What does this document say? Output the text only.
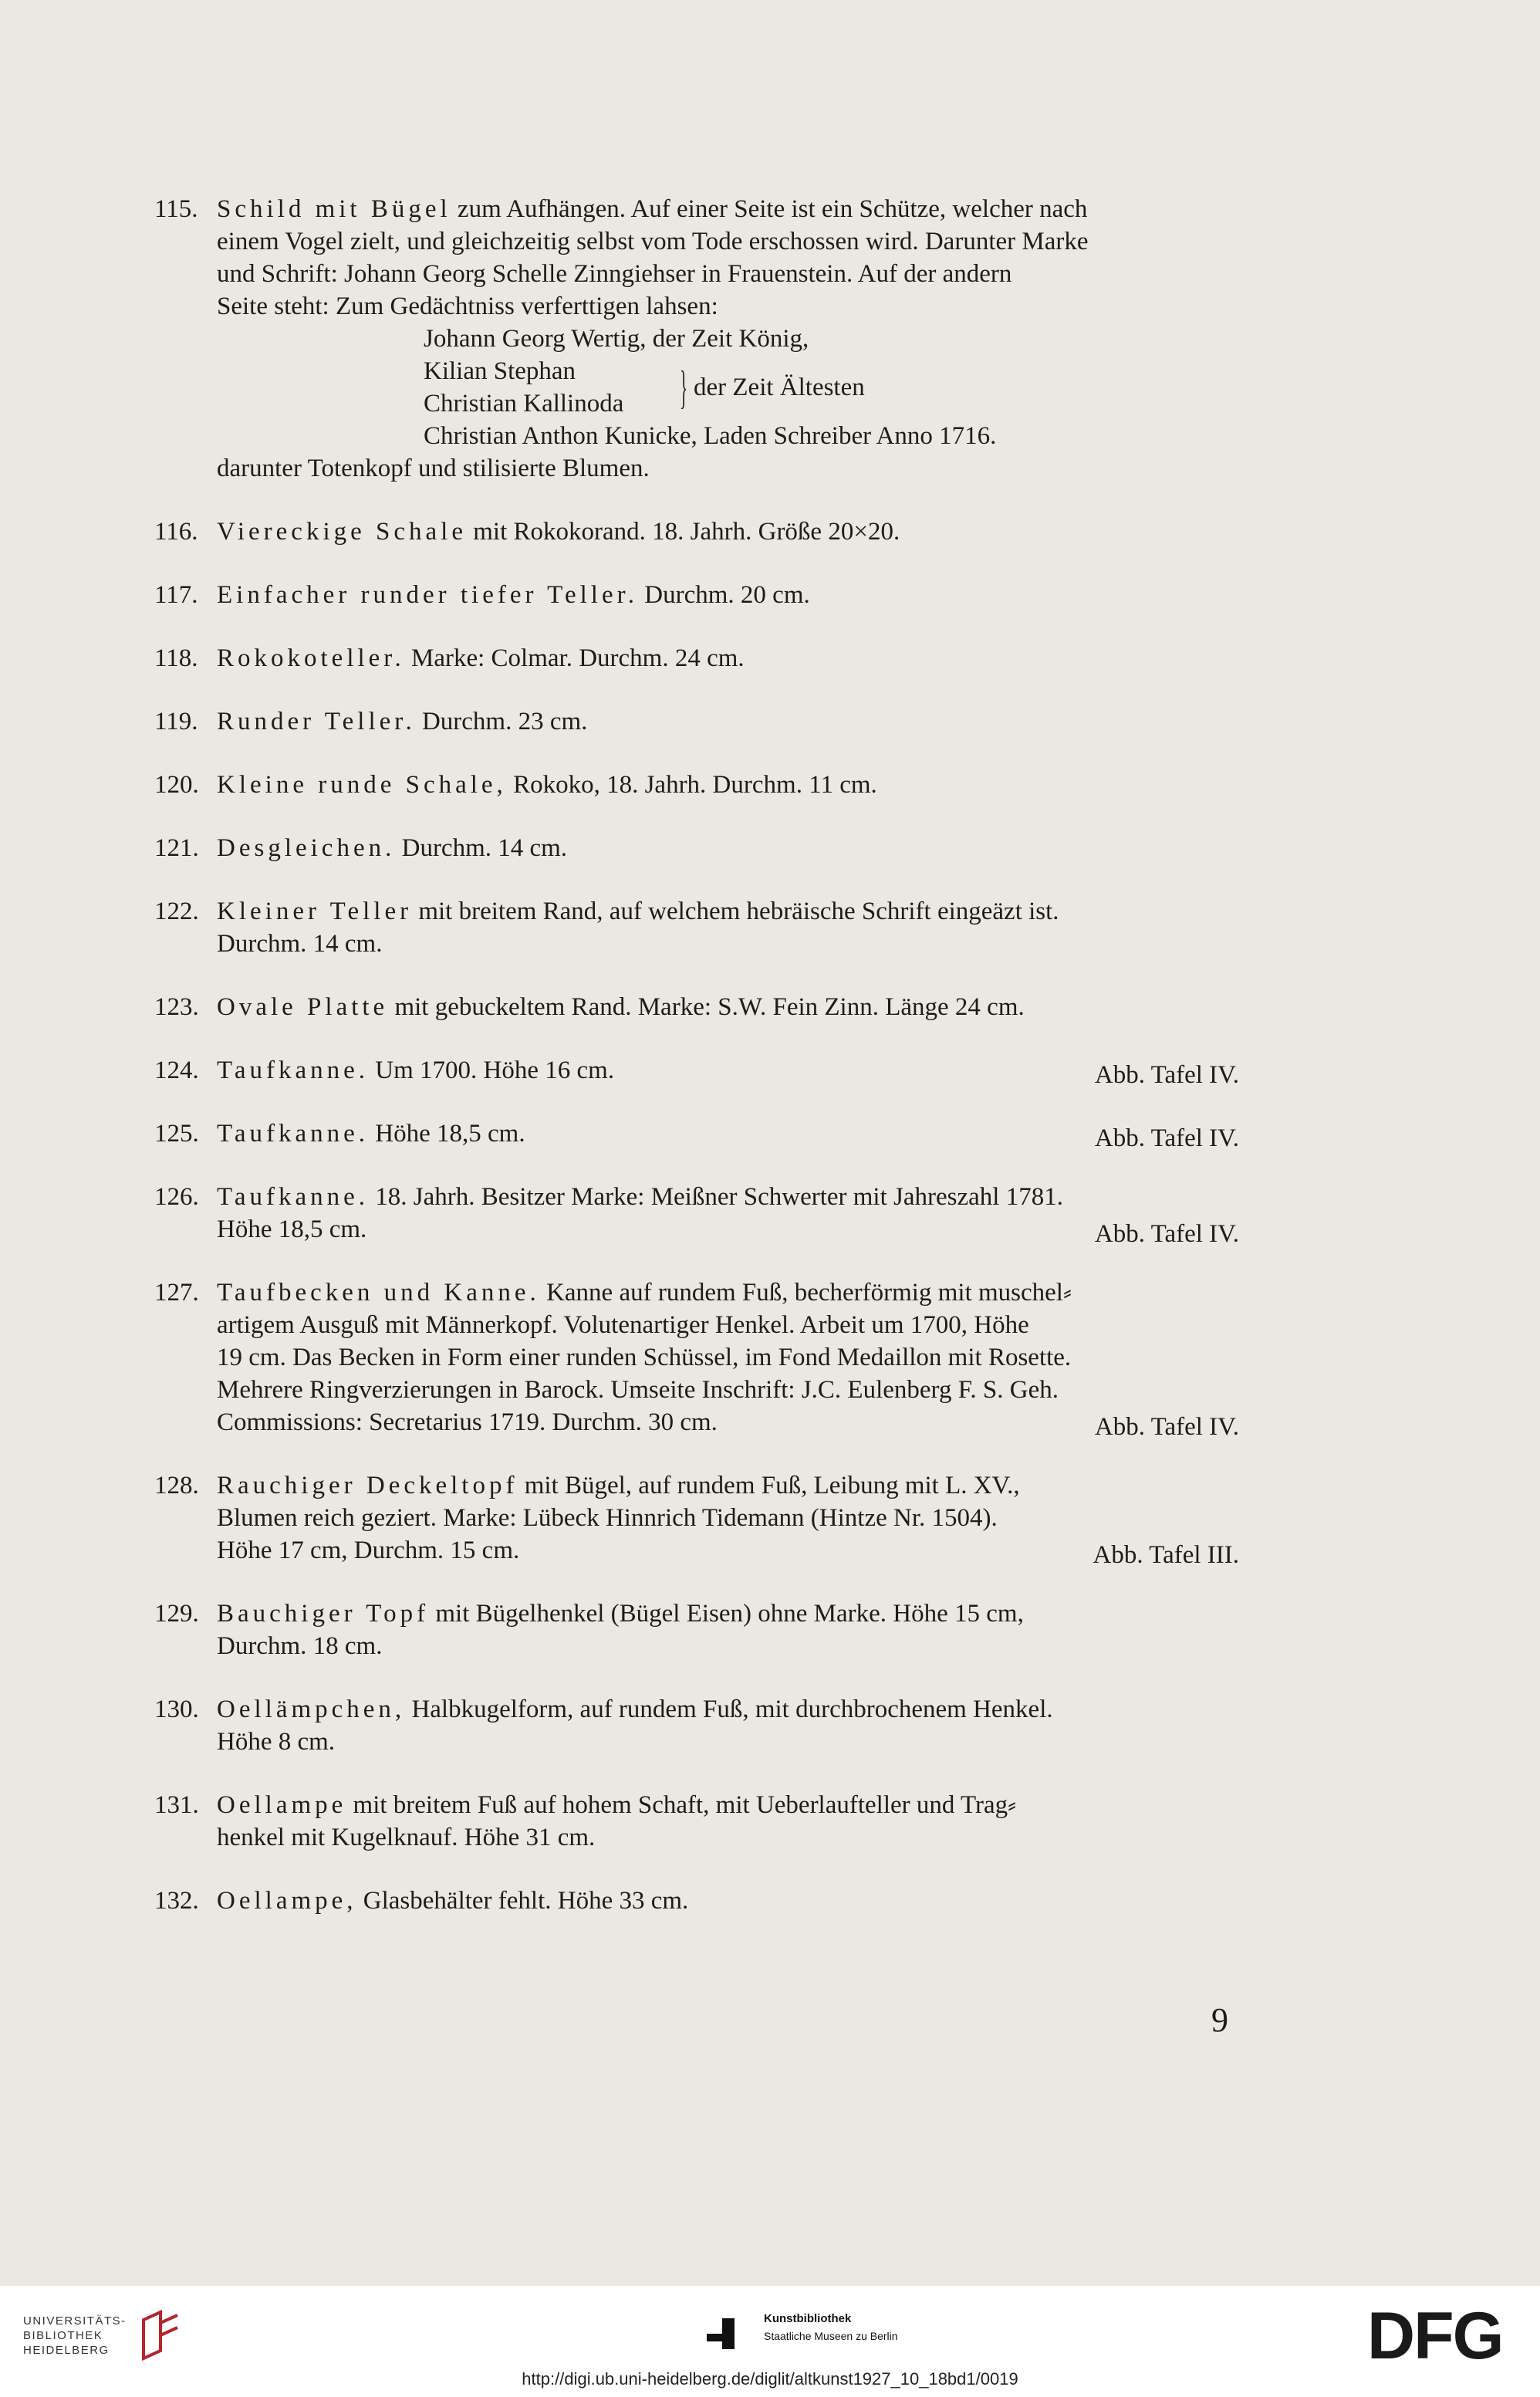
115. Schild mit Bügel zum Aufhängen. Auf einer Seite ist ein Schütze, welcher nach
einem Vogel zielt, und gleichzeitig selbst vom Tode erschossen wird. Darunter Marke
und Schrift: Johann Georg Schelle Zinngiehser in Frauenstein. Auf der andern
Seite steht: Zum Gedächtniss verferttigen lahsen:
Johann Georg Wertig, der Zeit König,
Kilian Stephan
Christian Kallinoda } der Zeit Ältesten
Christian Anthon Kunicke, Laden Schreiber Anno 1716.
darunter Totenkopf und stilisierte Blumen.
116. Viereckige Schale mit Rokokorand. 18. Jahrh. Größe 20×20.
117. Einfacher runder tiefer Teller. Durchm. 20 cm.
118. Rokokoteller. Marke: Colmar. Durchm. 24 cm.
119. Runder Teller. Durchm. 23 cm.
120. Kleine runde Schale, Rokoko, 18. Jahrh. Durchm. 11 cm.
121. Desgleichen. Durchm. 14 cm.
122. Kleiner Teller mit breitem Rand, auf welchem hebräische Schrift eingeäzt ist.
Durchm. 14 cm.
123. Ovale Platte mit gebuckeltem Rand. Marke: S.W. Fein Zinn. Länge 24 cm.
124. Taufkanne. Um 1700. Höhe 16 cm.	Abb. Tafel IV.
125. Taufkanne. Höhe 18,5 cm.	Abb. Tafel IV.
126. Taufkanne. 18. Jahrh. Besitzer Marke: Meißner Schwerter mit Jahreszahl 1781.
Höhe 18,5 cm.	Abb. Tafel IV.
127. Taufbecken und Kanne. Kanne auf rundem Fuß, becherförmig mit muschel⸗
artigem Ausguß mit Männerkopf. Volutenartiger Henkel. Arbeit um 1700, Höhe
19 cm. Das Becken in Form einer runden Schüssel, im Fond Medaillon mit Rosette.
Mehrere Ringverzierungen in Barock. Umseite Inschrift: J.C. Eulenberg F. S. Geh.
Commissions: Secretarius 1719. Durchm. 30 cm.	Abb. Tafel IV.
128. Rauchiger Deckeltopf mit Bügel, auf rundem Fuß, Leibung mit L. XV.,
Blumen reich geziert. Marke: Lübeck Hinnrich Tidemann (Hintze Nr. 1504).
Höhe 17 cm, Durchm. 15 cm.	Abb. Tafel III.
129. Bauchiger Topf mit Bügelhenkel (Bügel Eisen) ohne Marke. Höhe 15 cm,
Durchm. 18 cm.
130. Oellämpchen, Halbkugelform, auf rundem Fuß, mit durchbrochenem Henkel.
Höhe 8 cm.
131. Oellampe mit breitem Fuß auf hohem Schaft, mit Ueberlaufteller und Trag⸗
henkel mit Kugelknauf. Höhe 31 cm.
132. Oellampe, Glasbehälter fehlt. Höhe 33 cm.
9
UNIVERSITÄTS-
BIBLIOTHEK
HEIDELBERG
Kunstbibliothek
Staatliche Museen zu Berlin	DFG
http://digi.ub.uni-heidelberg.de/diglit/altkunst1927_10_18bd1/0019
